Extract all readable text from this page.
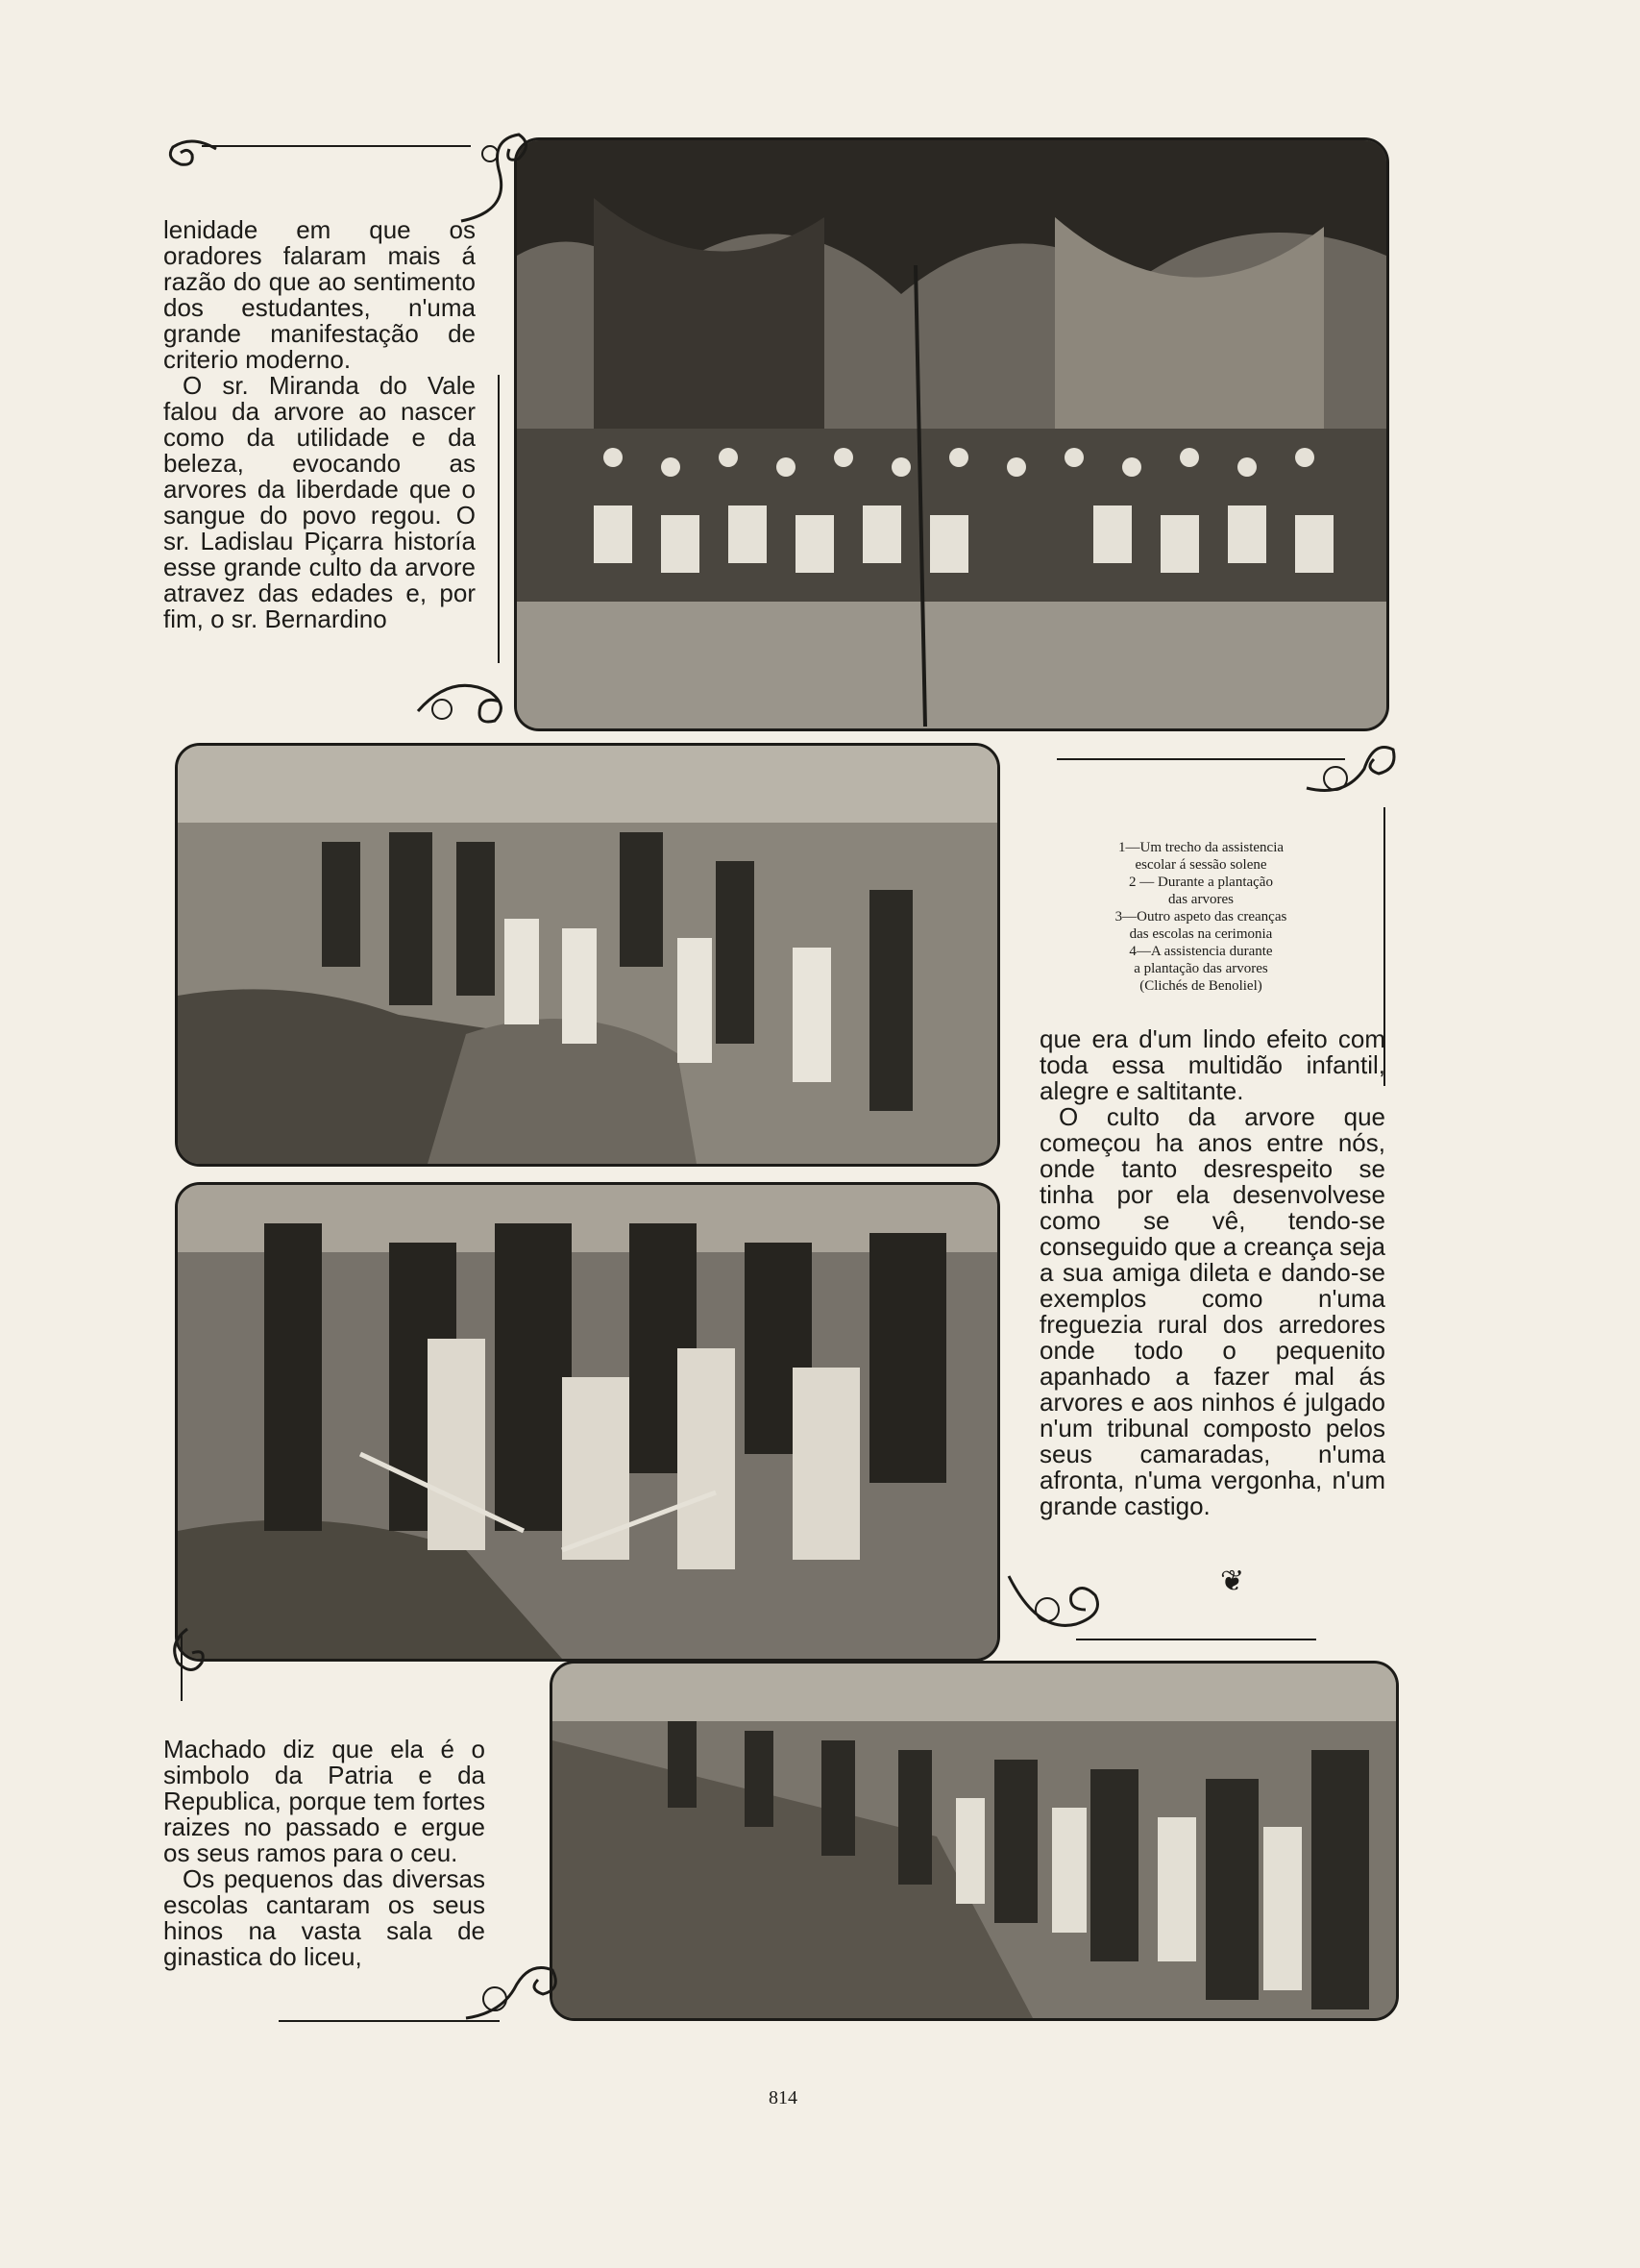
❦

lenidade em que os oradores falaram mais á razão do que ao sentimento dos estudantes, n'uma grande manifestação de criterio moderno.

O sr. Miranda do Vale falou da arvore ao nascer como da utilidade e da beleza, evocando as arvores da liberdade que o sangue do povo regou. O sr. Ladislau Piçarra historía esse grande culto da arvore atravez das edades e, por fim, o sr. Bernardino

1—Um trecho da assistencia
escolar á sessão solene
2 — Durante a plantação
das arvores
3—Outro aspeto das creanças
das escolas na cerimonia
4—A assistencia durante
a plantação das arvores
(Clichés de Benoliel)

que era d'um lindo efeito com toda essa multidão infantil, alegre e saltitante.

O culto da arvore que começou ha anos entre nós, onde tanto desrespeito se tinha por ela desenvolvese como se vê, tendo-se conseguido que a creança seja a sua amiga dileta e dando-se exemplos como n'uma freguezia rural dos arredores onde todo o pequenito apanhado a fazer mal ás arvores e aos ninhos é julgado n'um tribunal composto pelos seus camaradas, n'uma afronta, n'uma vergonha, n'um grande castigo.

Machado diz que ela é o simbolo da Patria e da Republica, porque tem fortes raizes no passado e ergue os seus ramos para o ceu.

Os pequenos das diversas escolas cantaram os seus hinos na vasta sala de ginastica do liceu,

814
